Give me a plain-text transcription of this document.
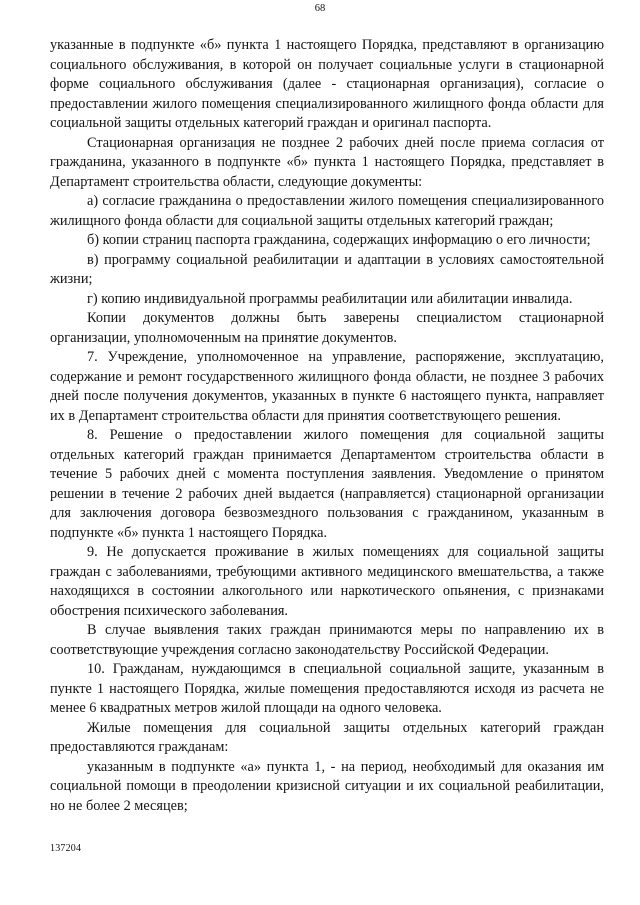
68

указанные в подпункте «б» пункта 1 настоящего Порядка, представляют в организацию социального обслуживания, в которой он получает социальные услуги в стационарной форме социального обслуживания (далее - стационарная организация), согласие о предоставлении жилого помещения специализированного жилищного фонда области для социальной защиты отдельных категорий граждан и оригинал паспорта.

Стационарная организация не позднее 2 рабочих дней после приема согласия от гражданина, указанного в подпункте «б» пункта 1 настоящего Порядка, представляет в Департамент строительства области, следующие документы:

а) согласие гражданина о предоставлении жилого помещения специализированного жилищного фонда области для социальной защиты отдельных категорий граждан;

б) копии страниц паспорта гражданина, содержащих информацию о его личности;

в) программу социальной реабилитации и адаптации в условиях самостоятельной жизни;

г) копию индивидуальной программы реабилитации или абилитации инвалида.

Копии документов должны быть заверены специалистом стационарной организации, уполномоченным на принятие документов.

7. Учреждение, уполномоченное на управление, распоряжение, эксплуатацию, содержание и ремонт государственного жилищного фонда области, не позднее 3 рабочих дней после получения документов, указанных в пункте 6 настоящего пункта, направляет их в Департамент строительства области для принятия соответствующего решения.

8. Решение о предоставлении жилого помещения для социальной защиты отдельных категорий граждан принимается Департаментом строительства области в течение 5 рабочих дней с момента поступления заявления. Уведомление о принятом решении в течение 2 рабочих дней выдается (направляется) стационарной организации для заключения договора безвозмездного пользования с гражданином, указанным в подпункте «б» пункта 1 настоящего Порядка.

9. Не допускается проживание в жилых помещениях для социальной защиты граждан с заболеваниями, требующими активного медицинского вмешательства, а также находящихся в состоянии алкогольного или наркотического опьянения, с признаками обострения психического заболевания.

В случае выявления таких граждан принимаются меры по направлению их в соответствующие учреждения согласно законодательству Российской Федерации.

10. Гражданам, нуждающимся в специальной социальной защите, указанным в пункте 1 настоящего Порядка, жилые помещения предоставляются исходя из расчета не менее 6 квадратных метров жилой площади на одного человека.

Жилые помещения для социальной защиты отдельных категорий граждан предоставляются гражданам:

указанным в подпункте «а» пункта 1, - на период, необходимый для оказания им социальной помощи в преодолении кризисной ситуации и их социальной реабилитации, но не более 2 месяцев;

137204
